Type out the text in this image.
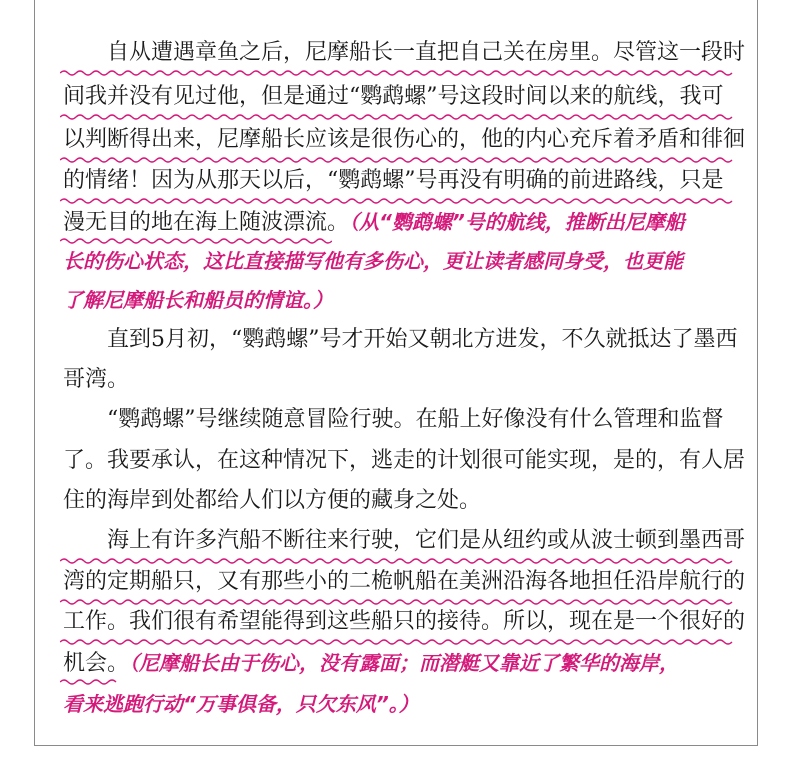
　　自从遭遇章鱼之后，尼摩船长一直把自己关在房里。尽管这一段时
间我并没有见过他，但是通过“鹦鹉螺”号这段时间以来的航线，我可
以判断得出来，尼摩船长应该是很伤心的，他的内心充斥着矛盾和徘徊
的情绪！因为从那天以后，“鹦鹉螺”号再没有明确的前进路线，只是
漫无目的地在海上随波漂流。（从“鹦鹉螺”号的航线，推断出尼摩船
长的伤心状态，这比直接描写他有多伤心，更让读者感同身受，也更能
了解尼摩船长和船员的情谊。）
　　直到5月初，“鹦鹉螺”号才开始又朝北方进发，不久就抵达了墨西
哥湾。
　　“鹦鹉螺”号继续随意冒险行驶。在船上好像没有什么管理和监督
了。我要承认，在这种情况下，逃走的计划很可能实现，是的，有人居
住的海岸到处都给人们以方便的藏身之处。
　　海上有许多汽船不断往来行驶，它们是从纽约或从波士顿到墨西哥
湾的定期船只，又有那些小的二桅帆船在美洲沿海各地担任沿岸航行的
工作。我们很有希望能得到这些船只的接待。所以，现在是一个很好的
机会。（尼摩船长由于伤心，没有露面；而潜艇又靠近了繁华的海岸，
看来逃跑行动“万事俱备，只欠东风”。）
